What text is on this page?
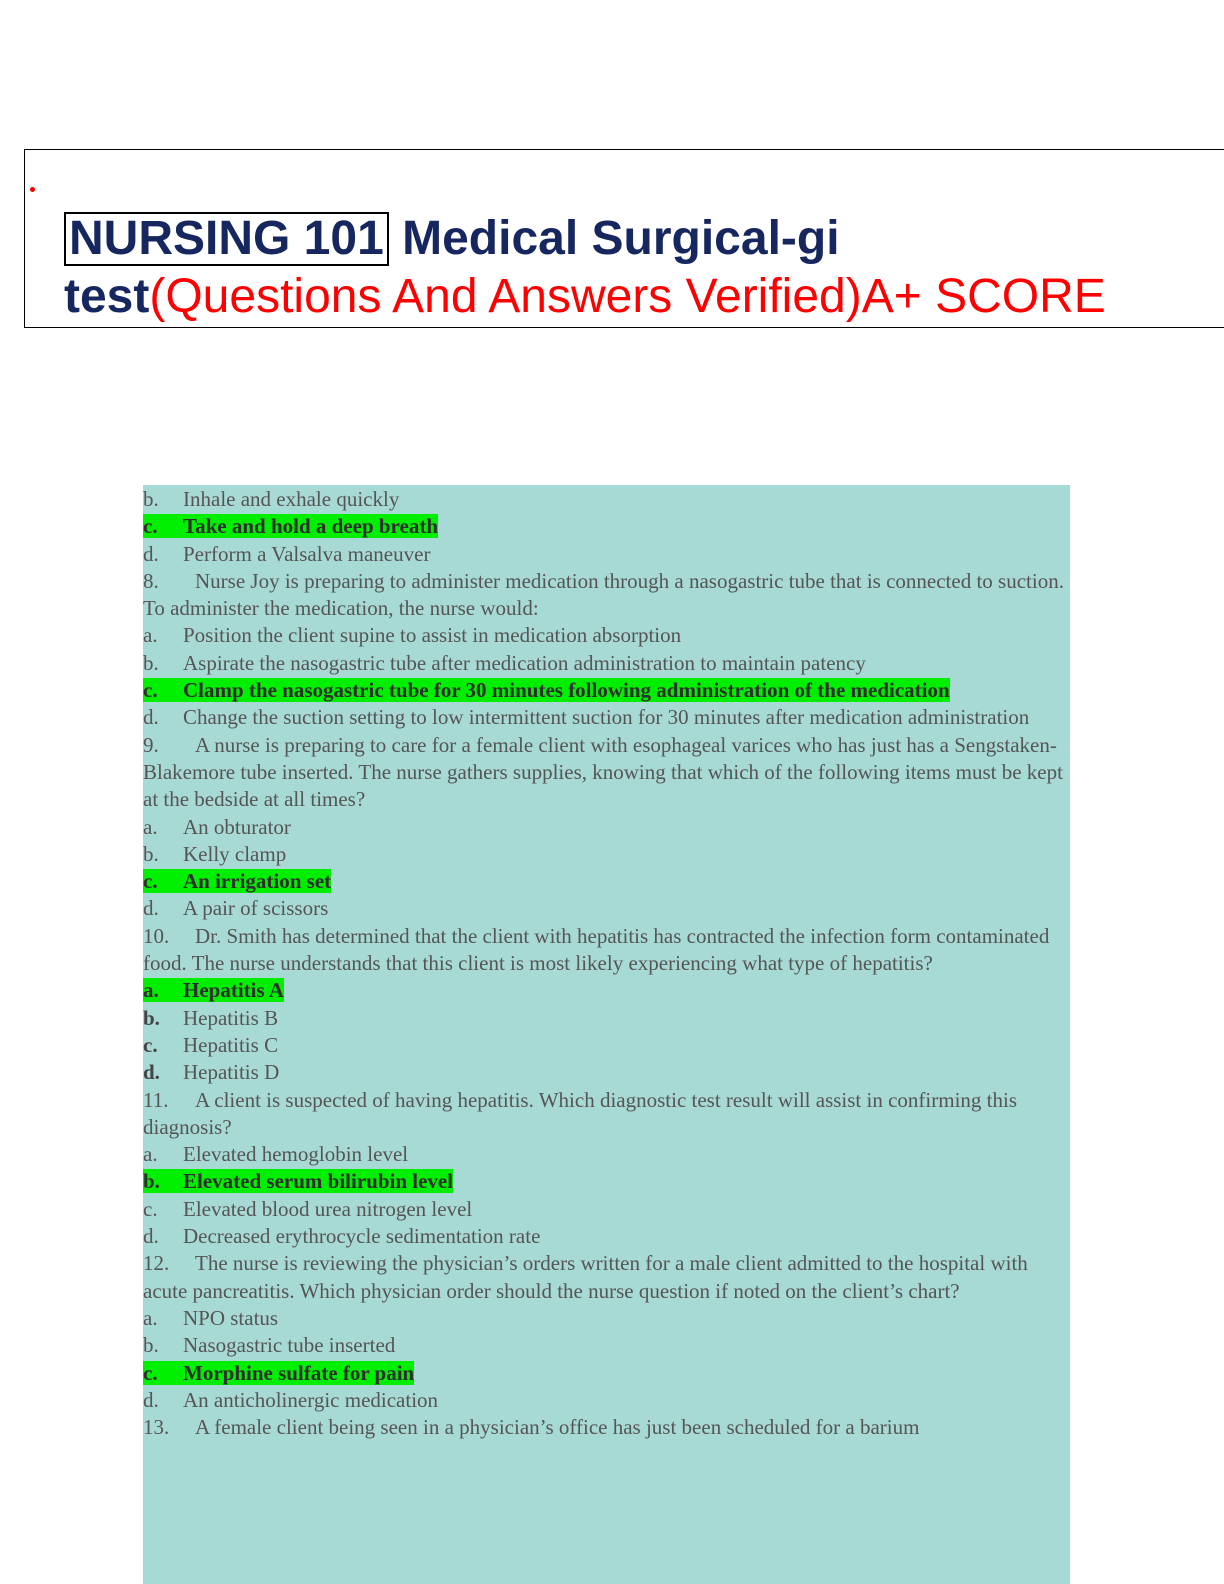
NURSING 101 Medical Surgical-gi
test(Questions And Answers Verified)A+ SCORE
b. Inhale and exhale quickly
c. Take and hold a deep breath
d. Perform a Valsalva maneuver
8. Nurse Joy is preparing to administer medication through a nasogastric tube that is connected to suction. To administer the medication, the nurse would:
a. Position the client supine to assist in medication absorption
b. Aspirate the nasogastric tube after medication administration to maintain patency
c. Clamp the nasogastric tube for 30 minutes following administration of the medication
d. Change the suction setting to low intermittent suction for 30 minutes after medication administration
9. A nurse is preparing to care for a female client with esophageal varices who has just has a Sengstaken-Blakemore tube inserted. The nurse gathers supplies, knowing that which of the following items must be kept at the bedside at all times?
a. An obturator
b. Kelly clamp
c. An irrigation set
d. A pair of scissors
10. Dr. Smith has determined that the client with hepatitis has contracted the infection form contaminated food. The nurse understands that this client is most likely experiencing what type of hepatitis?
a. Hepatitis A
b. Hepatitis B
c. Hepatitis C
d. Hepatitis D
11. A client is suspected of having hepatitis. Which diagnostic test result will assist in confirming this diagnosis?
a. Elevated hemoglobin level
b. Elevated serum bilirubin level
c. Elevated blood urea nitrogen level
d. Decreased erythrocycle sedimentation rate
12. The nurse is reviewing the physician’s orders written for a male client admitted to the hospital with acute pancreatitis. Which physician order should the nurse question if noted on the client’s chart?
a. NPO status
b. Nasogastric tube inserted
c. Morphine sulfate for pain
d. An anticholinergic medication
13. A female client being seen in a physician’s office has just been scheduled for a barium
